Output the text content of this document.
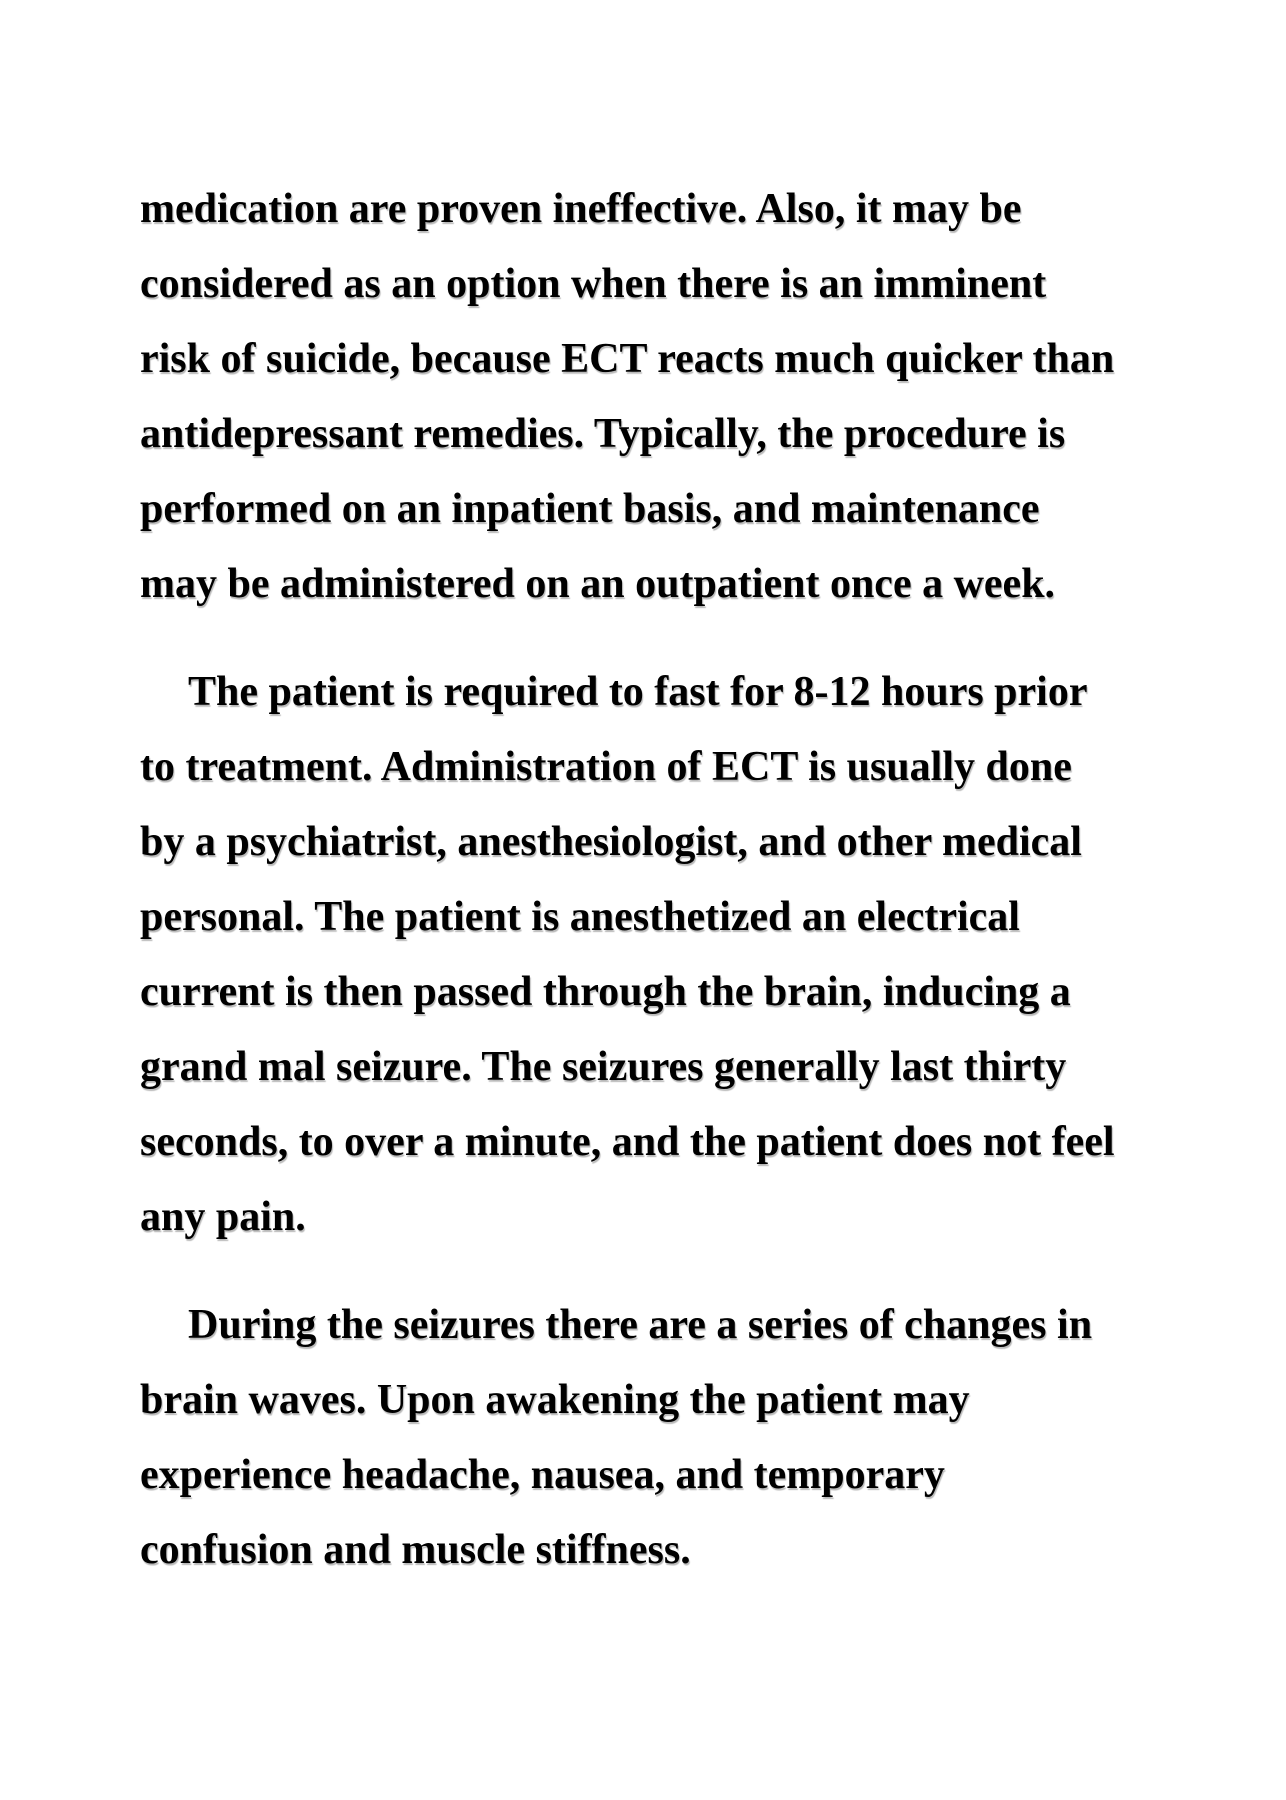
medication are proven ineffective. Also, it may be
considered as an option when there is an imminent
risk of suicide, because ECT reacts much quicker than
antidepressant remedies. Typically, the procedure is
performed on an inpatient basis, and maintenance
may be administered on an outpatient once a week.
The patient is required to fast for 8-12 hours prior
to treatment. Administration of ECT is usually done
by a psychiatrist, anesthesiologist, and other medical
personal. The patient is anesthetized an electrical
current is then passed through the brain, inducing a
grand mal seizure. The seizures generally last thirty
seconds, to over a minute, and the patient does not feel
any pain.
During the seizures there are a series of changes in
brain waves. Upon awakening the patient may
experience headache, nausea, and temporary
confusion and muscle stiffness.
